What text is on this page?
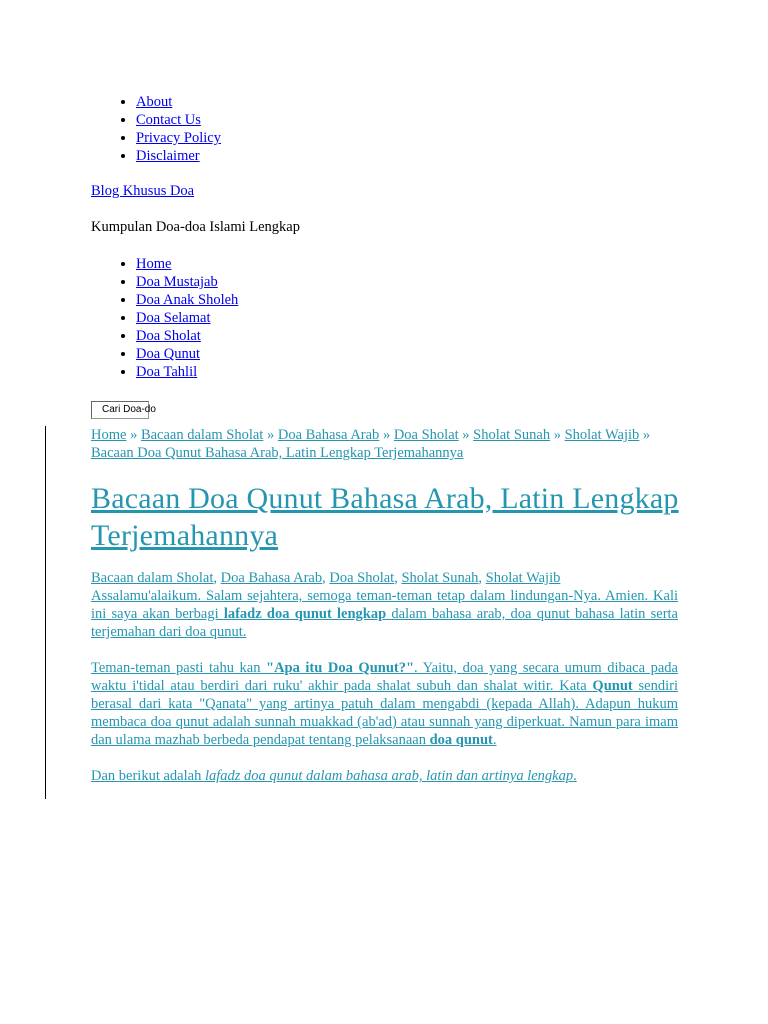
• About
• Contact Us
• Privacy Policy
• Disclaimer
Blog Khusus Doa
Kumpulan Doa-doa Islami Lengkap
• Home
• Doa Mustajab
• Doa Anak Sholeh
• Doa Selamat
• Doa Sholat
• Doa Qunut
• Doa Tahlil
Cari Doa-do
Home » Bacaan dalam Sholat » Doa Bahasa Arab » Doa Sholat » Sholat Sunah » Sholat Wajib » Bacaan Doa Qunut Bahasa Arab, Latin Lengkap Terjemahannya
Bacaan Doa Qunut Bahasa Arab, Latin Lengkap Terjemahannya
Bacaan dalam Sholat, Doa Bahasa Arab, Doa Sholat, Sholat Sunah, Sholat Wajib

Assalamu'alaikum. Salam sejahtera, semoga teman-teman tetap dalam lindungan-Nya. Amien. Kali ini saya akan berbagi lafadz doa qunut lengkap dalam bahasa arab, doa qunut bahasa latin serta terjemahan dari doa qunut.

Teman-teman pasti tahu kan "Apa itu Doa Qunut?". Yaitu, doa yang secara umum dibaca pada waktu i'tidal atau berdiri dari ruku' akhir pada shalat subuh dan shalat witir. Kata Qunut sendiri berasal dari kata "Qanata" yang artinya patuh dalam mengabdi (kepada Allah). Adapun hukum membaca doa qunut adalah sunnah muakkad (ab'ad) atau sunnah yang diperkuat. Namun para imam dan ulama mazhab berbeda pendapat tentang pelaksanaan doa qunut.

Dan berikut adalah lafadz doa qunut dalam bahasa arab, latin dan artinya lengkap.
